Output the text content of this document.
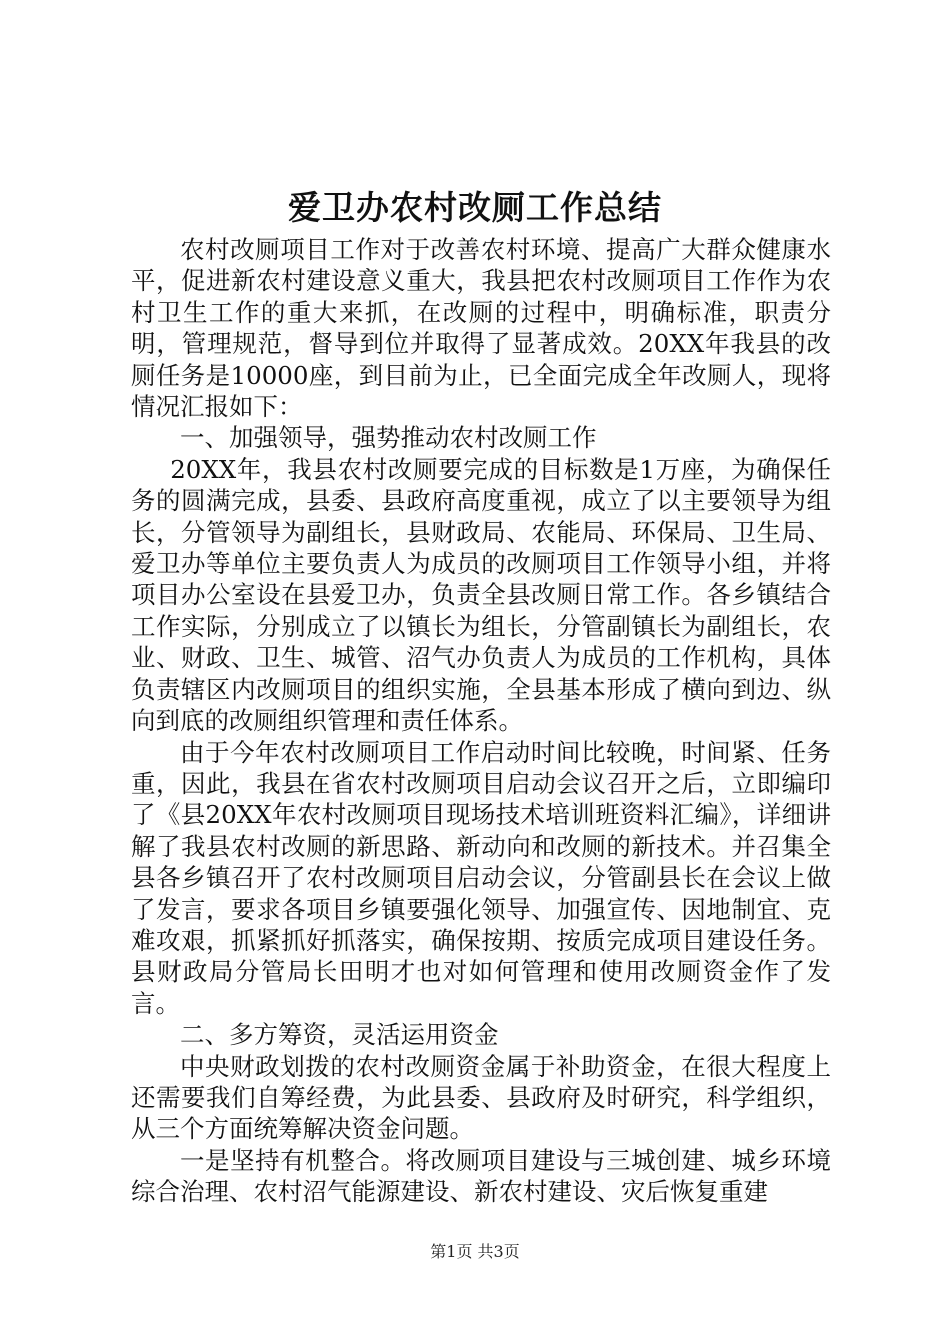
爱卫办农村改厕工作总结

农村改厕项目工作对于改善农村环境、提高广大群众健康水平，促进新农村建设意义重大，我县把农村改厕项目工作作为农村卫生工作的重大来抓，在改厕的过程中，明确标准，职责分明，管理规范，督导到位并取得了显著成效。20XX年我县的改厕任务是10000座，到目前为止，已全面完成全年改厕人，现将情况汇报如下：

一、加强领导，强势推动农村改厕工作

20XX年，我县农村改厕要完成的目标数是1万座，为确保任务的圆满完成，县委、县政府高度重视，成立了以主要领导为组长，分管领导为副组长，县财政局、农能局、环保局、卫生局、爱卫办等单位主要负责人为成员的改厕项目工作领导小组，并将项目办公室设在县爱卫办，负责全县改厕日常工作。各乡镇结合工作实际，分别成立了以镇长为组长，分管副镇长为副组长，农业、财政、卫生、城管、沼气办负责人为成员的工作机构，具体负责辖区内改厕项目的组织实施，全县基本形成了横向到边、纵向到底的改厕组织管理和责任体系。

由于今年农村改厕项目工作启动时间比较晚，时间紧、任务重，因此，我县在省农村改厕项目启动会议召开之后，立即编印了《县20XX年农村改厕项目现场技术培训班资料汇编》，详细讲解了我县农村改厕的新思路、新动向和改厕的新技术。并召集全县各乡镇召开了农村改厕项目启动会议，分管副县长在会议上做了发言，要求各项目乡镇要强化领导、加强宣传、因地制宜、克难攻艰，抓紧抓好抓落实，确保按期、按质完成项目建设任务。县财政局分管局长田明才也对如何管理和使用改厕资金作了发言。

二、多方筹资，灵活运用资金

中央财政划拨的农村改厕资金属于补助资金，在很大程度上还需要我们自筹经费，为此县委、县政府及时研究，科学组织，从三个方面统筹解决资金问题。

一是坚持有机整合。将改厕项目建设与三城创建、城乡环境综合治理、农村沼气能源建设、新农村建设、灾后恢复重建

第1页 共3页
